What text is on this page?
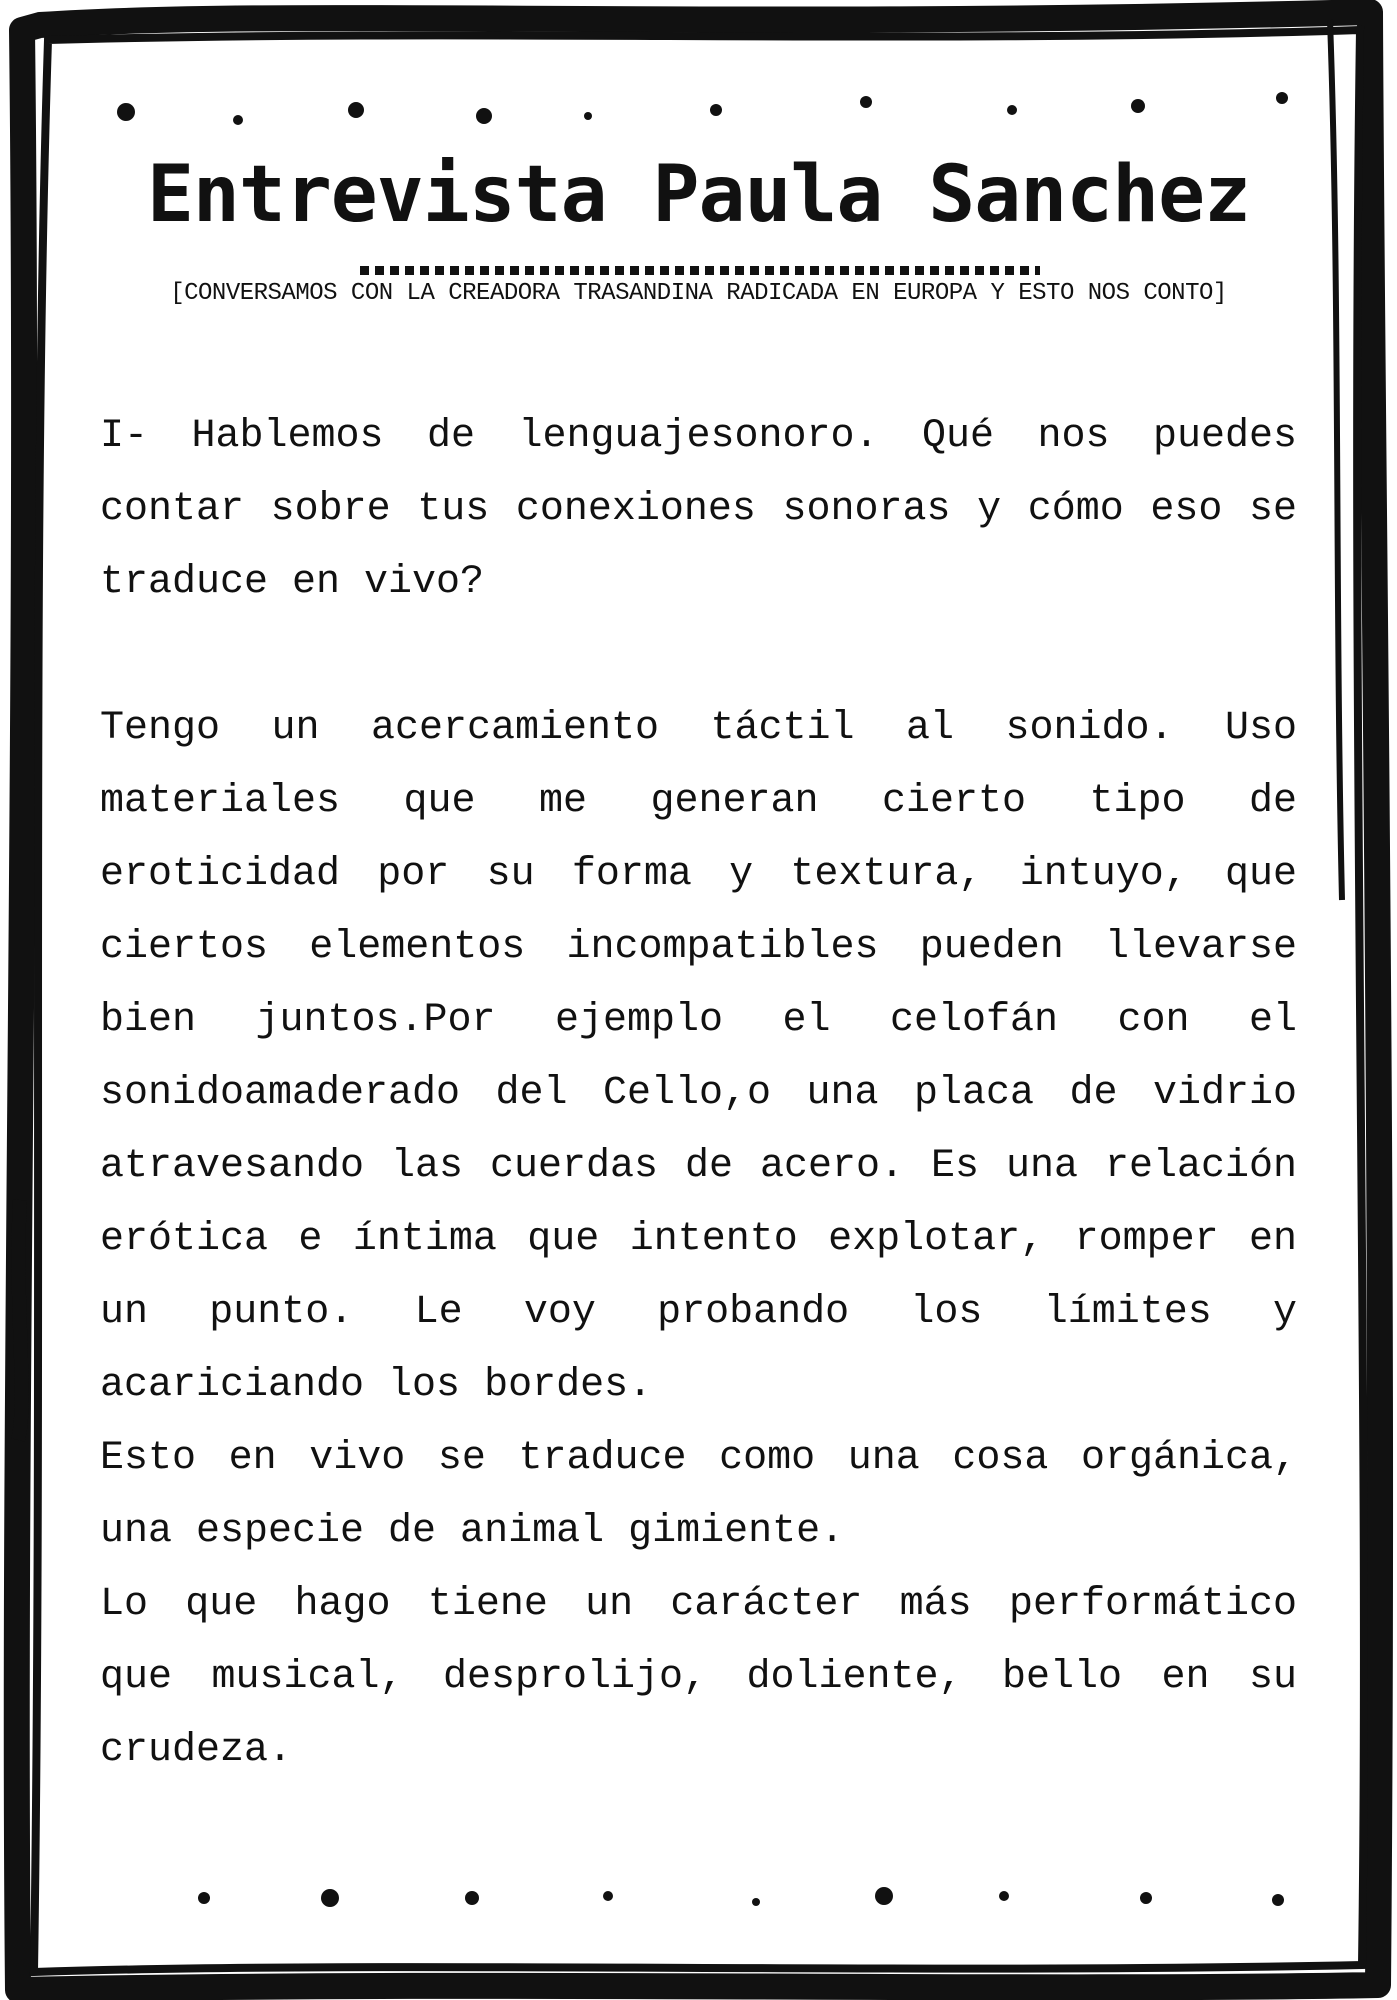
Entrevista Paula Sanchez
[CONVERSAMOS CON LA CREADORA TRASANDINA RADICADA EN EUROPA Y ESTO NOS CONTO]

I- Hablemos de lenguajesonoro. Qué nos puedes contar sobre tus conexiones sonoras y cómo eso se traduce en vivo?

Tengo un acercamiento táctil al sonido. Uso materiales que me generan cierto tipo de eroticidad por su forma y textura, intuyo, que ciertos elementos incompatibles pueden llevarse bien juntos.Por ejemplo el celofán con el sonidoamaderado del Cello,o una placa de vidrio atravesando las cuerdas de acero. Es una relación erótica e íntima que intento explotar, romper en un punto. Le voy probando los límites y acariciando los bordes.

Esto en vivo se traduce como una cosa orgánica, una especie de animal gimiente.

Lo que hago tiene un carácter más performático que musical, desprolijo, doliente, bello en su crudeza.
